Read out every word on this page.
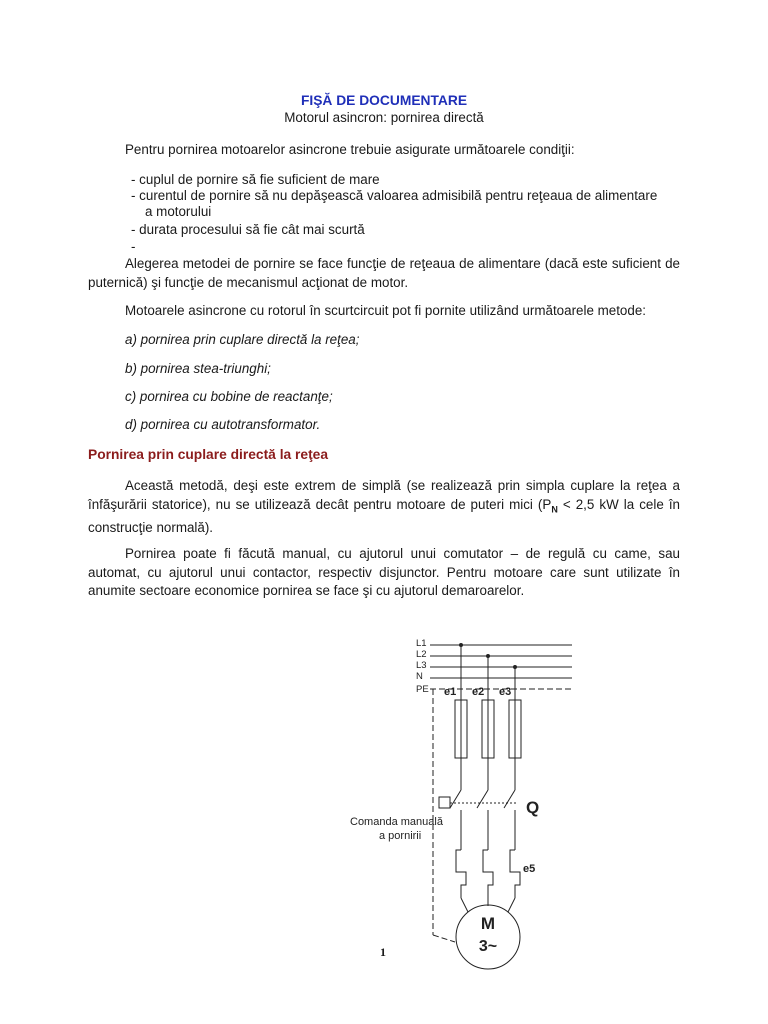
FIŞĂ DE DOCUMENTARE
Motorul asincron: pornirea directă
Pentru pornirea motoarelor asincrone trebuie asigurate următoarele condiţii:
- cuplul de pornire să fie suficient de mare
- curentul de pornire să nu depăşească valoarea admisibilă pentru reţeaua de alimentare
a motorului
- durata procesului să fie cât mai scurtă
-
Alegerea metodei de pornire se face funcţie de reţeaua de alimentare (dacă este suficient de puternică) şi funcţie de mecanismul acţionat de motor.
Motoarele asincrone cu rotorul în scurtcircuit pot fi pornite utilizând următoarele metode:
a) pornirea prin cuplare directă la reţea;
b) pornirea stea-triunghi;
c) pornirea cu bobine de reactanţe;
d) pornirea cu autotransformator.
Pornirea prin cuplare directă la reţea
Această metodă, deşi este extrem de simplă (se realizează prin simpla cuplare la reţea a înfăşurării statorice), nu se utilizează decât pentru motoare de puteri mici ($P_N < 2,5$ kW la cele în construcţie normală).
Pornirea poate fi făcută manual, cu ajutorul unui comutator – de regulă cu came, sau automat, cu ajutorul unui contactor, respectiv disjunctor. Pentru motoare care sunt utilizate în anumite sectoare economice pornirea se face şi cu ajutorul demaroarelor.
L1
L2
L3
N
PE e1 e2 e3
Q
Comanda manuală
a pornirii
e5
M
3~
1
